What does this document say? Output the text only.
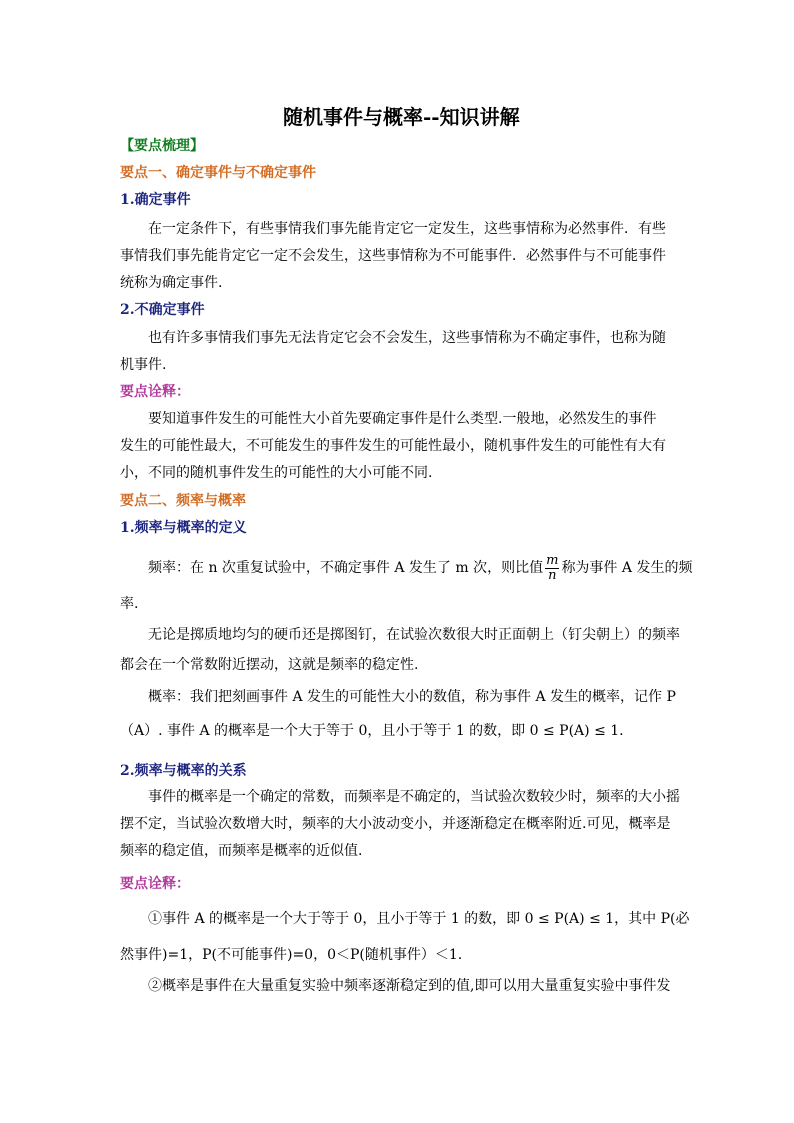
随机事件与概率--知识讲解
【要点梳理】
要点一、确定事件与不确定事件
1.确定事件
在一定条件下，有些事情我们事先能肯定它一定发生，这些事情称为必然事件．有些
事情我们事先能肯定它一定不会发生，这些事情称为不可能事件．必然事件与不可能事件
统称为确定事件.
2.不确定事件
也有许多事情我们事先无法肯定它会不会发生，这些事情称为不确定事件，也称为随
机事件.
要点诠释：
要知道事件发生的可能性大小首先要确定事件是什么类型.一般地，必然发生的事件
发生的可能性最大，不可能发生的事件发生的可能性最小，随机事件发生的可能性有大有
小，不同的随机事件发生的可能性的大小可能不同.
要点二、频率与概率
1.频率与概率的定义
频率：在 n 次重复试验中，不确定事件 A 发生了 m 次，则比值 $\frac{m}{n}$ 称为事件 A 发生的频
率.
无论是掷质地均匀的硬币还是掷图钉，在试验次数很大时正面朝上（钉尖朝上）的频率
都会在一个常数附近摆动，这就是频率的稳定性.
概率：我们把刻画事件 A 发生的可能性大小的数值，称为事件 A 发生的概率，记作 P
（A）. 事件 A 的概率是一个大于等于 0，且小于等于 1 的数，即 0 ≤ P(A) ≤ 1.
2.频率与概率的关系
事件的概率是一个确定的常数，而频率是不确定的，当试验次数较少时，频率的大小摇
摆不定，当试验次数增大时，频率的大小波动变小，并逐渐稳定在概率附近.可见，概率是
频率的稳定值，而频率是概率的近似值.
要点诠释：
①事件 A 的概率是一个大于等于 0，且小于等于 1 的数，即 0 ≤ P(A) ≤ 1，其中 P(必
然事件)=1，P(不可能事件)=0，0＜P(随机事件）＜1.
②概率是事件在大量重复实验中频率逐渐稳定到的值,即可以用大量重复实验中事件发
